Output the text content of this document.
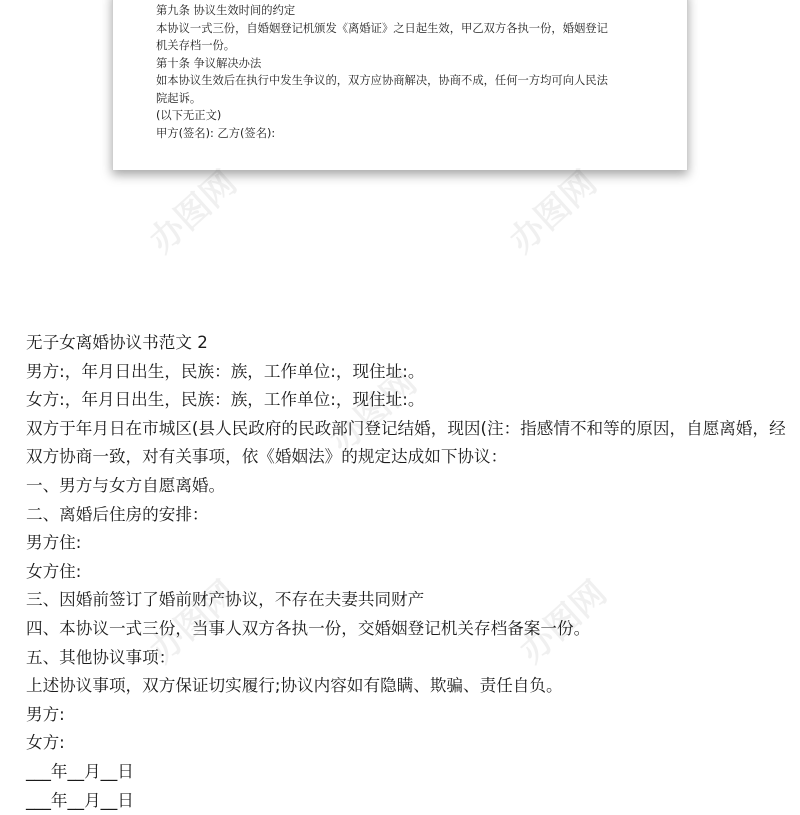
第九条 协议生效时间的约定
本协议一式三份，自婚姻登记机颁发《离婚证》之日起生效，甲乙双方各执一份，婚姻登记
机关存档一份。
第十条 争议解决办法
如本协议生效后在执行中发生争议的，双方应协商解决，协商不成，任何一方均可向人民法
院起诉。
(以下无正文)
甲方(签名): 乙方(签名):
办图网	办图网
办图网
办图网	办图网
无子女离婚协议书范文 2
男方:，年月日出生，民族：族，工作单位:，现住址:。
女方:，年月日出生，民族：族，工作单位:，现住址:。
双方于年月日在市城区(县人民政府的民政部门登记结婚，现因(注：指感情不和等的原因，自愿离婚，经双方协商一致，对有关事项，依《婚姻法》的规定达成如下协议：
一、男方与女方自愿离婚。
二、离婚后住房的安排：
男方住:
女方住:
三、因婚前签订了婚前财产协议，不存在夫妻共同财产
四、本协议一式三份，当事人双方各执一份，交婚姻登记机关存档备案一份。
五、其他协议事项：
上述协议事项，双方保证切实履行;协议内容如有隐瞒、欺骗、责任自负。
男方:
女方:
___年__月__日
___年__月__日
